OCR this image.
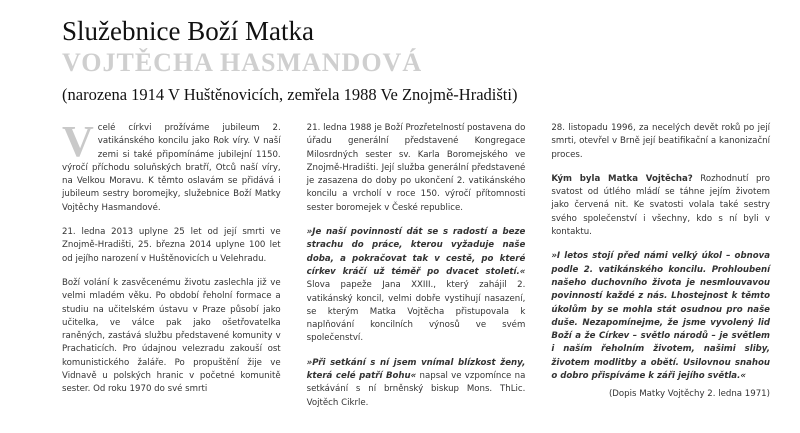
Služebnice Boží Matka
VOJTĚCHA HASMANDOVÁ

(narozena 1914 V Huštěnovicích, zemřela 1988 Ve Znojmě-Hradišti)

Vcelé církvi prožíváme jubileum 2. vatikánského koncilu jako Rok víry. V naší zemi si také připomínáme jubilejní 1150. výročí příchodu soluňských bratří, Otců naší víry, na Velkou Moravu. K těmto oslavám se přidává i jubileum sestry boromejky, služebnice Boží Matky Vojtěchy Hasmandové.

21. ledna 2013 uplyne 25 let od její smrti ve Znojmě-Hradišti, 25. března 2014 uplyne 100 let od jejího narození v Huštěnovicích u Velehradu.

Boží volání k zasvěcenému životu zaslechla již ve velmi mladém věku. Po období řeholní formace a studiu na učitelském ústavu v Praze působí jako učitelka, ve válce pak jako ošetřovatelka raněných, zastává službu představené komunity v Prachaticích. Pro údajnou velezradu zakouší ost komunistického žaláře. Po propuštění žije ve Vidnavě u polských hranic v početné komunitě sester. Od roku 1970 do své smrti

21. ledna 1988 je Boží Prozřetelností postavena do úřadu generální představené Kongregace Milosrdných sester sv. Karla Boromejského ve Znojmě-Hradišti. Její služba generální představené je zasazena do doby po ukončení 2. vatikánského koncilu a vrcholí v roce 150. výročí přítomnosti sester boromejek v České republice.

»Je naší povinností dát se s radostí a beze strachu do práce, kterou vyžaduje naše doba, a pokračovat tak v cestě, po které církev kráčí už téměř po dvacet století.« Slova papeže Jana XXIII., který zahájil 2. vatikánský koncil, velmi dobře vystihují nasazení, se kterým Matka Vojtěcha přistupovala k naplňování koncilních výnosů ve svém společenství.

»Při setkání s ní jsem vnímal blízkost ženy, která celé patří Bohu« napsal ve vzpomínce na setkávání s ní brněnský biskup Mons. ThLic. Vojtěch Cikrle.

28. listopadu 1996, za necelých devět roků po její smrti, otevřel v Brně její beatifikační a kanonizační proces.

Kým byla Matka Vojtěcha? Rozhodnutí pro svatost od útlého mládí se táhne jejím životem jako červená nit. Ke svatosti volala také sestry svého společenství i všechny, kdo s ní byli v kontaktu.

»I letos stojí před námi velký úkol – obnova podle 2. vatikánského koncilu. Prohloubení našeho duchovního života je nesmlouvavou povinností každé z nás. Lhostejnost k těmto úkolům by se mohla stát osudnou pro naše duše. Nezapomínejme, že jsme vyvolený lid Boží a že Církev – světlo národů – je světlem i naším řeholním životem, našimi sliby, životem modlitby a obětí. Usilovnou snahou o dobro přispíváme k záři jejího světla.«

(Dopis Matky Vojtěchy 2. ledna 1971)
